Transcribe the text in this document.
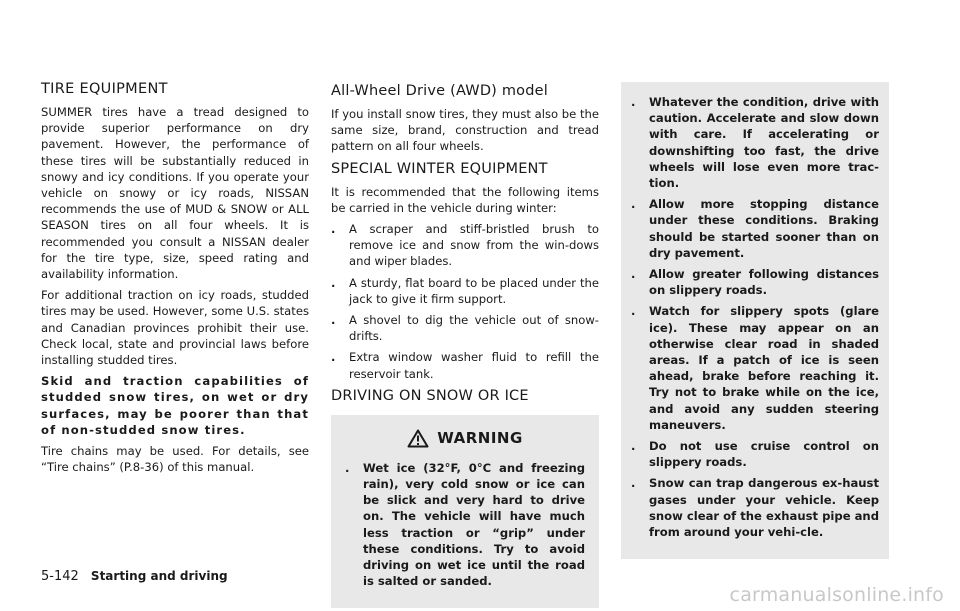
TIRE EQUIPMENT

SUMMER tires have a tread designed to provide superior performance on dry pavement. However, the performance of these tires will be substantially reduced in snowy and icy conditions. If you operate your vehicle on snowy or icy roads, NISSAN recommends the use of MUD & SNOW or ALL SEASON tires on all four wheels. It is recommended you consult a NISSAN dealer for the tire type, size, speed rating and availability information.

For additional traction on icy roads, studded tires may be used. However, some U.S. states and Canadian provinces prohibit their use. Check local, state and provincial laws before installing studded tires.

Skid and traction capabilities of studded snow tires, on wet or dry surfaces, may be poorer than that of non-studded snow tires.

Tire chains may be used. For details, see “Tire chains” (P.8-36) of this manual.

All-Wheel Drive (AWD) model

If you install snow tires, they must also be the same size, brand, construction and tread pattern on all four wheels.

SPECIAL WINTER EQUIPMENT

It is recommended that the following items be carried in the vehicle during winter:

. A scraper and stiff-bristled brush to remove ice and snow from the win-dows and wiper blades.
. A sturdy, flat board to be placed under the jack to give it firm support.
. A shovel to dig the vehicle out of snow-drifts.
. Extra window washer fluid to refill the reservoir tank.
DRIVING ON SNOW OR ICE
WARNING
. Wet ice (32°F, 0°C and freezing rain), very cold snow or ice can be slick and very hard to drive on. The vehicle will have much less traction or “grip” under these conditions. Try to avoid driving on wet ice until the road is salted or sanded.
. Whatever the condition, drive with caution. Accelerate and slow down with care. If accelerating or downshifting too fast, the drive wheels will lose even more trac-tion.
. Allow more stopping distance under these conditions. Braking should be started sooner than on dry pavement.
. Allow greater following distances on slippery roads.
. Watch for slippery spots (glare ice). These may appear on an otherwise clear road in shaded areas. If a patch of ice is seen ahead, brake before reaching it. Try not to brake while on the ice, and avoid any sudden steering maneuvers.
. Do not use cruise control on slippery roads.
. Snow can trap dangerous ex-haust gases under your vehicle. Keep snow clear of the exhaust pipe and from around your vehi-cle.
5-142 Starting and driving
carmanualsonline.info
